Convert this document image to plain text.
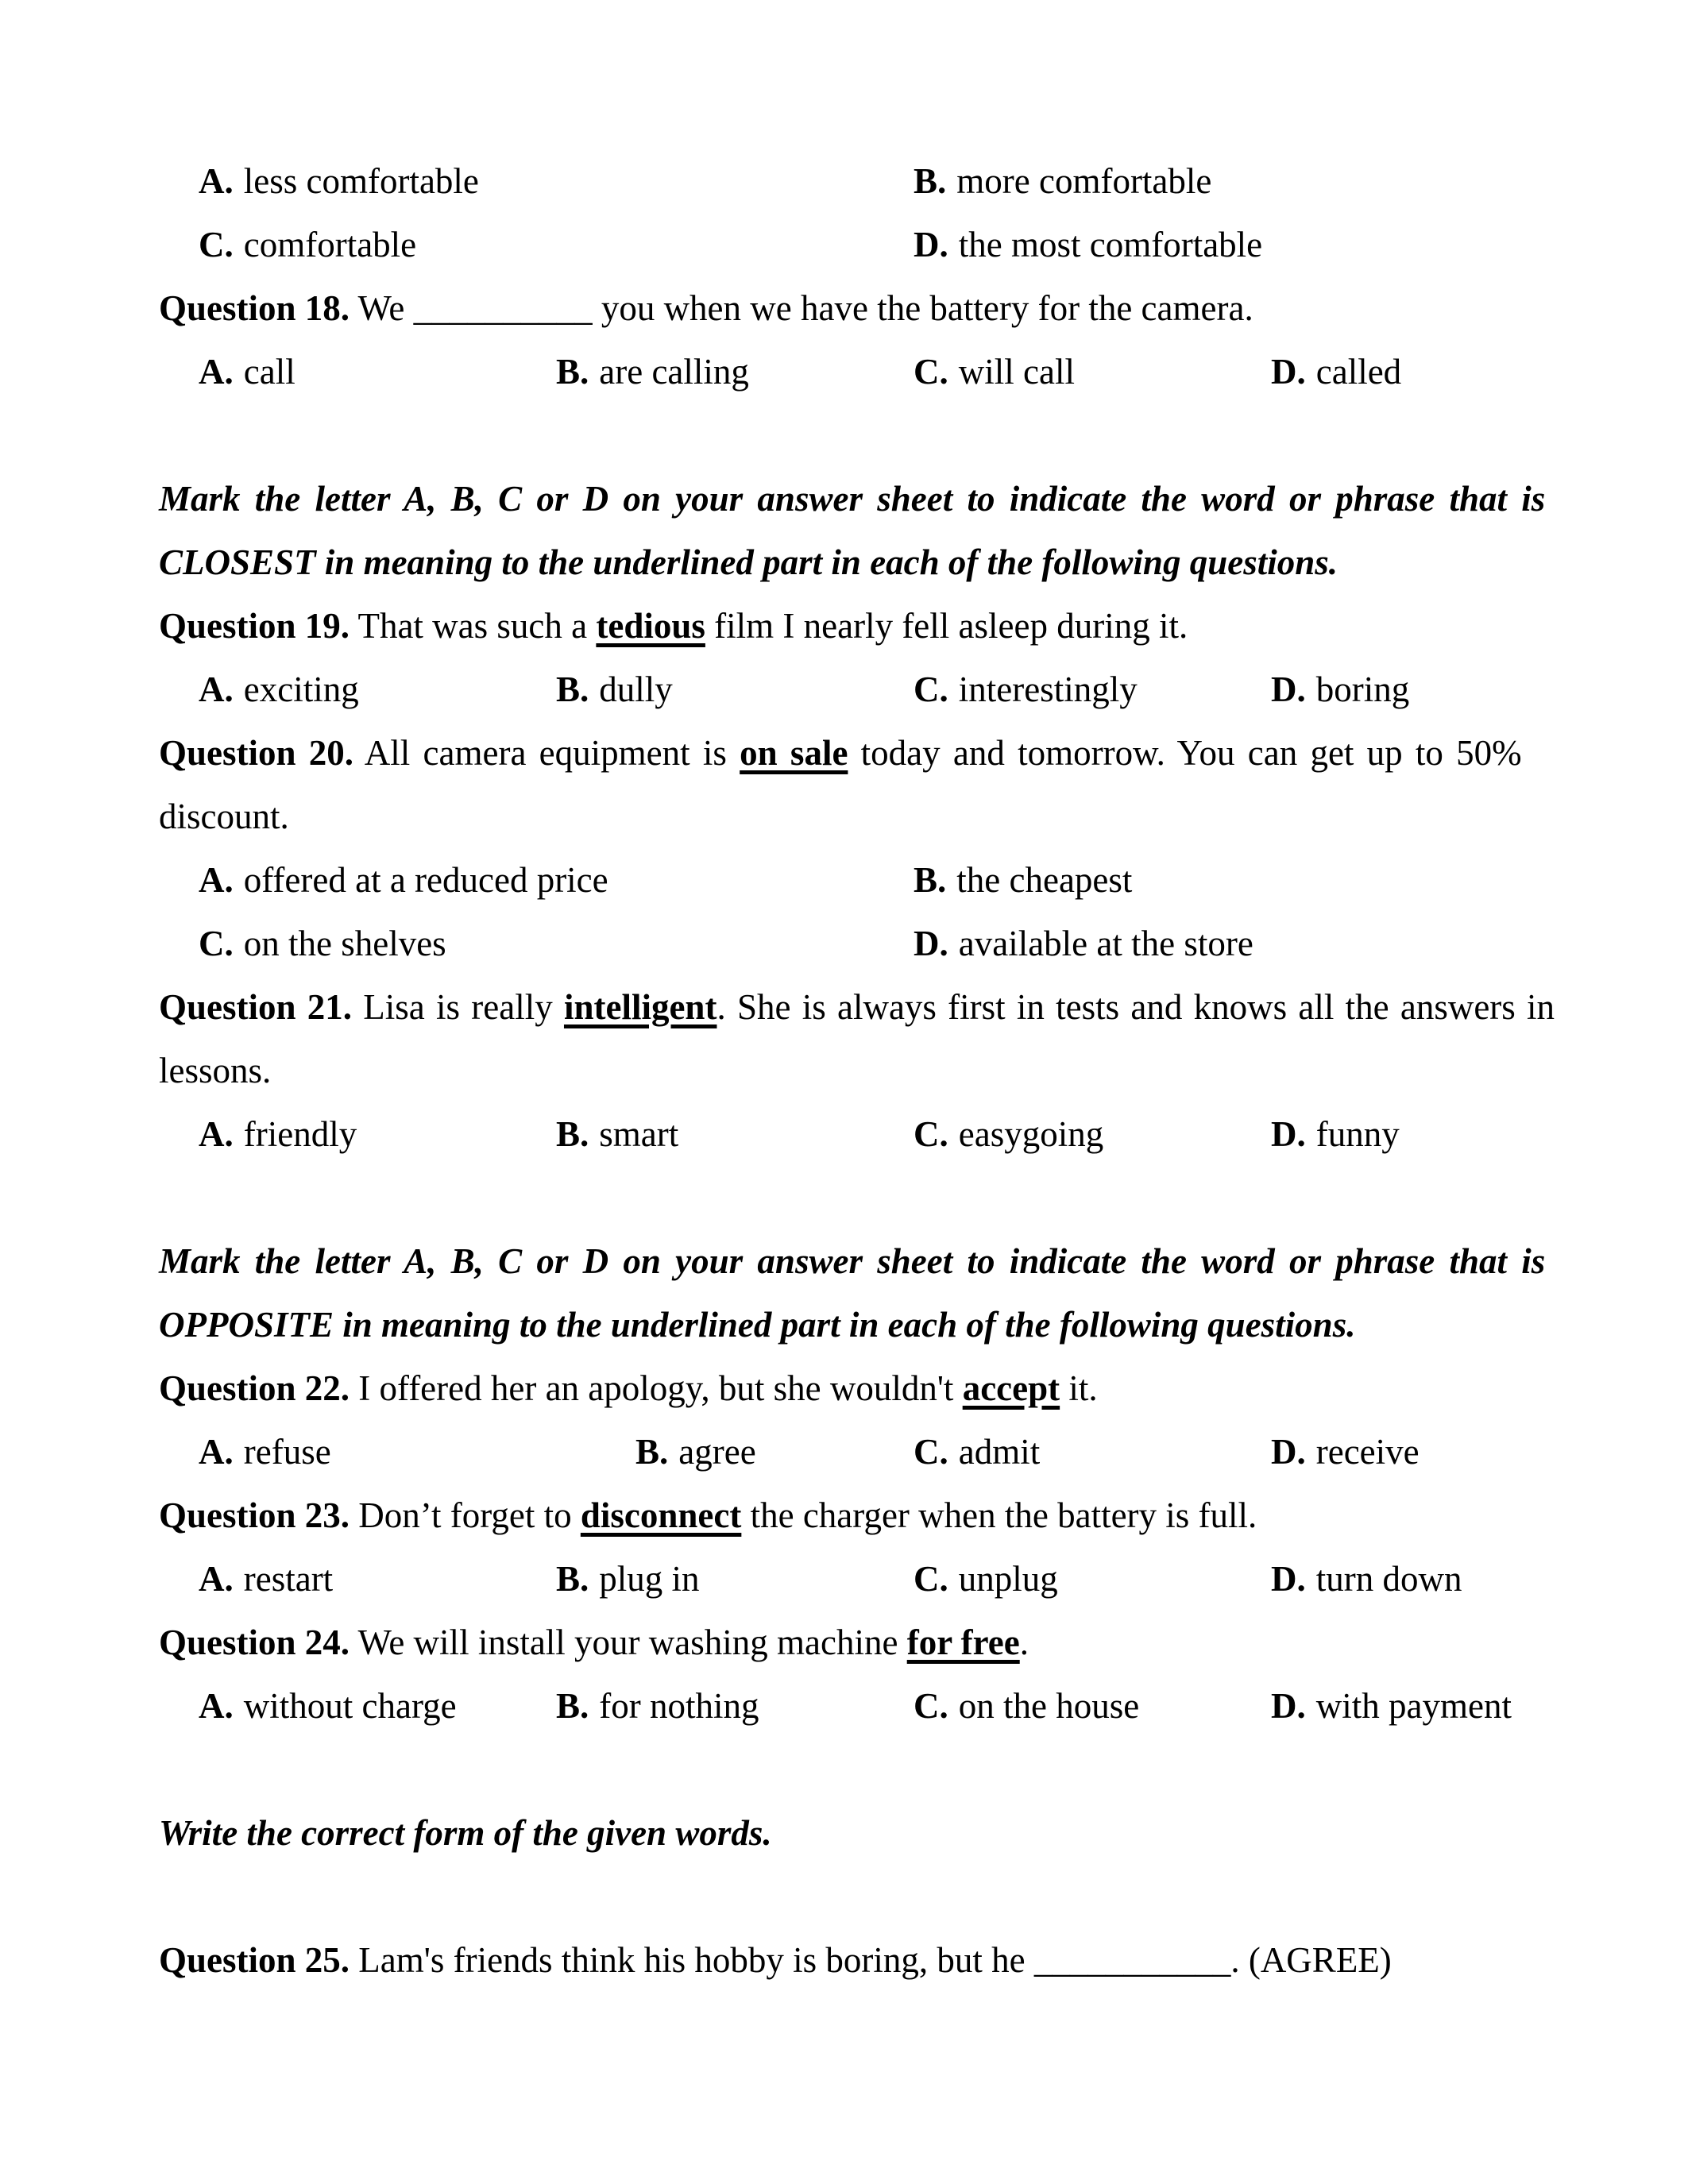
A. less comfortable	B. more comfortable
C. comfortable	D. the most comfortable
Question 18. We __________ you when we have the battery for the camera.
A. call	B. are calling	C. will call	D. called
Mark the letter A, B, C or D on your answer sheet to indicate the word or phrase that is
CLOSEST in meaning to the underlined part in each of the following questions.
Question 19. That was such a tedious film I nearly fell asleep during it.
A. exciting	B. dully	C. interestingly	D. boring
Question 20. All camera equipment is on sale today and tomorrow. You can get up to 50%
discount.
A. offered at a reduced price	B. the cheapest
C. on the shelves	D. available at the store
Question 21. Lisa is really intelligent. She is always first in tests and knows all the answers in
lessons.
A. friendly	B. smart	C. easygoing	D. funny
Mark the letter A, B, C or D on your answer sheet to indicate the word or phrase that is
OPPOSITE in meaning to the underlined part in each of the following questions.
Question 22. I offered her an apology, but she wouldn't accept it.
A. refuse	B. agree	C. admit	D. receive
Question 23. Don’t forget to disconnect the charger when the battery is full.
A. restart	B. plug in	C. unplug	D. turn down
Question 24. We will install your washing machine for free.
A. without charge	B. for nothing	C. on the house	D. with payment
Write the correct form of the given words.
Question 25. Lam's friends think his hobby is boring, but he ___________. (AGREE)
